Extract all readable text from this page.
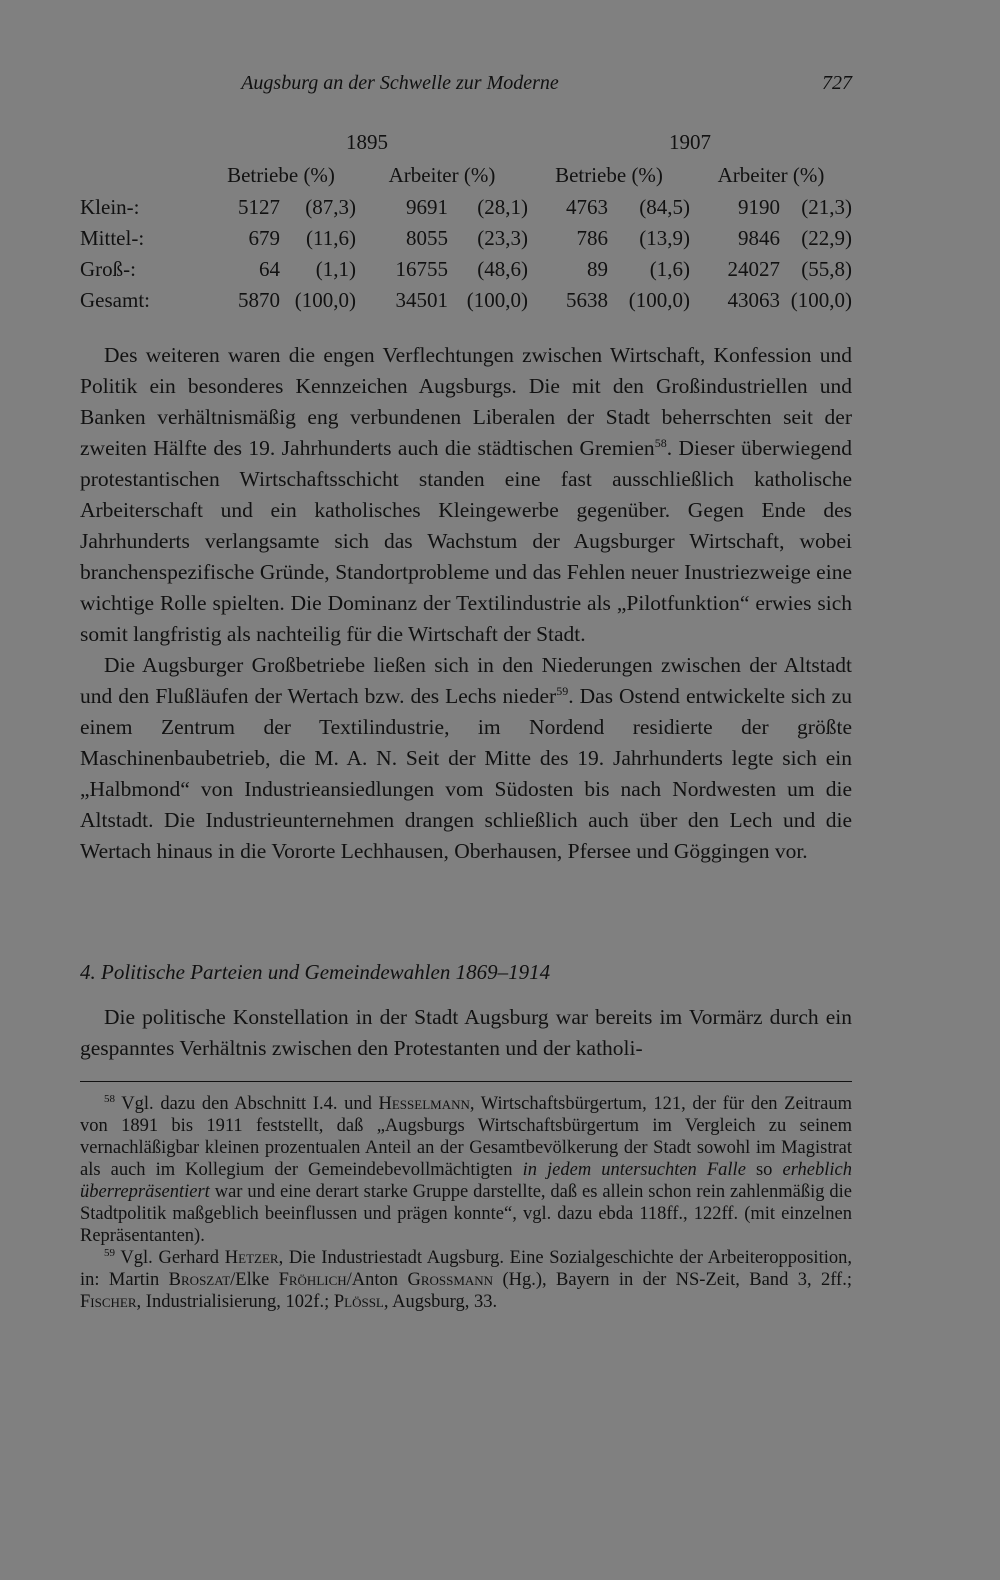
Augsburg an der Schwelle zur Moderne	727
	1895				1907			
	Betriebe (%)		Arbeiter (%)		Betriebe (%)		Arbeiter (%)	
Klein-:	5127	(87,3)	9691	(28,1)	4763	(84,5)	9190	(21,3)
Mittel-:	679	(11,6)	8055	(23,3)	786	(13,9)	9846	(22,9)
Groß-:	64	(1,1)	16755	(48,6)	89	(1,6)	24027	(55,8)
Gesamt:	5870	(100,0)	34501	(100,0)	5638	(100,0)	43063	(100,0)

Des weiteren waren die engen Verflechtungen zwischen Wirtschaft, Konfession und Politik ein besonderes Kennzeichen Augsburgs. Die mit den Großindustriellen und Banken verhältnismäßig eng verbundenen Liberalen der Stadt beherrschten seit der zweiten Hälfte des 19. Jahrhunderts auch die städtischen Gremien$^{58}$. Dieser überwiegend protestantischen Wirtschaftsschicht standen eine fast ausschließlich katholische Arbeiterschaft und ein katholisches Kleingewerbe gegenüber. Gegen Ende des Jahrhunderts verlangsamte sich das Wachstum der Augsburger Wirtschaft, wobei branchenspezifische Gründe, Standortprobleme und das Fehlen neuer Inustriezweige eine wichtige Rolle spielten. Die Dominanz der Textilindustrie als „Pilotfunktion“ erwies sich somit langfristig als nachteilig für die Wirtschaft der Stadt.

Die Augsburger Großbetriebe ließen sich in den Niederungen zwischen der Altstadt und den Flußläufen der Wertach bzw. des Lechs nieder$^{59}$. Das Ostend entwickelte sich zu einem Zentrum der Textilindustrie, im Nordend residierte der größte Maschinenbaubetrieb, die M. A. N. Seit der Mitte des 19. Jahrhunderts legte sich ein „Halbmond“ von Industrieansiedlungen vom Südosten bis nach Nordwesten um die Altstadt. Die Industrieunternehmen drangen schließlich auch über den Lech und die Wertach hinaus in die Vororte Lechhausen, Oberhausen, Pfersee und Göggingen vor.

4. Politische Parteien und Gemeindewahlen 1869–1914

Die politische Konstellation in der Stadt Augsburg war bereits im Vormärz durch ein gespanntes Verhältnis zwischen den Protestanten und der katholi-

$^{58}$ Vgl. dazu den Abschnitt I.4. und Hesselmann, Wirtschaftsbürgertum, 121, der für den Zeitraum von 1891 bis 1911 feststellt, daß „Augsburgs Wirtschaftsbürgertum im Vergleich zu seinem vernachläßigbar kleinen prozentualen Anteil an der Gesamtbevölkerung der Stadt sowohl im Magistrat als auch im Kollegium der Gemeindebevollmächtigten in jedem untersuchten Falle so erheblich überrepräsentiert war und eine derart starke Gruppe darstellte, daß es allein schon rein zahlenmäßig die Stadtpolitik maßgeblich beeinflussen und prägen konnte“, vgl. dazu ebda 118ff., 122ff. (mit einzelnen Repräsentanten).

$^{59}$ Vgl. Gerhard Hetzer, Die Industriestadt Augsburg. Eine Sozialgeschichte der Arbeiteropposition, in: Martin Broszat/Elke Fröhlich/Anton Grossmann (Hg.), Bayern in der NS-Zeit, Band 3, 2ff.; Fischer, Industrialisierung, 102f.; Plössl, Augsburg, 33.
